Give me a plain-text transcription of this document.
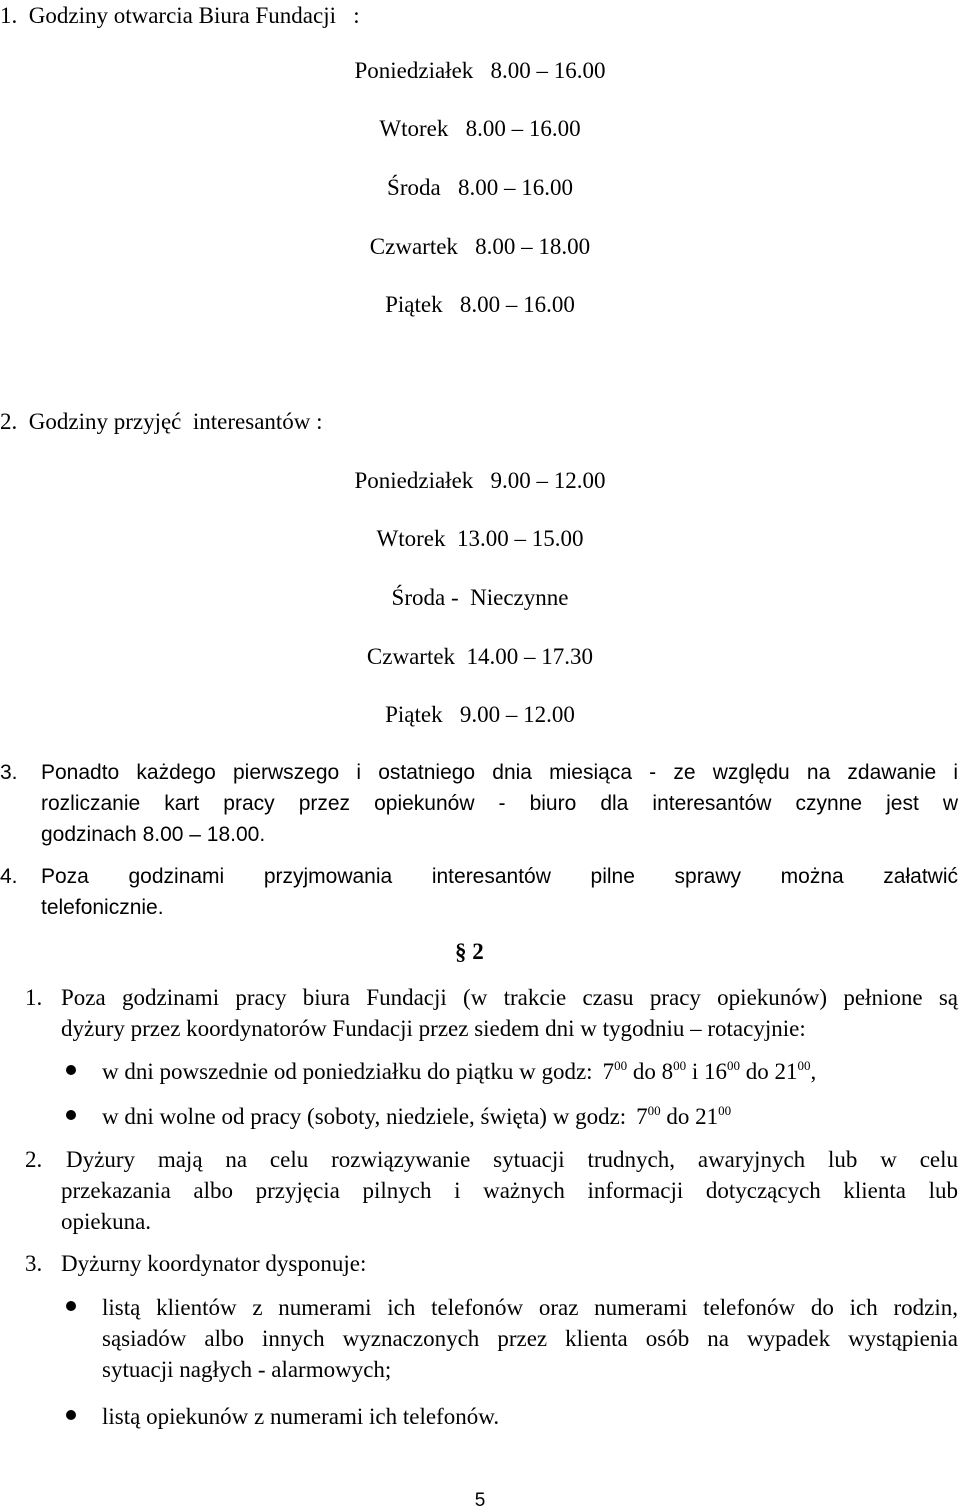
1.  Godziny otwarcia Biura Fundacji   :
Poniedziałek   8.00 – 16.00
Wtorek   8.00 – 16.00
Środa   8.00 – 16.00
Czwartek   8.00 – 18.00
Piątek   8.00 – 16.00
2.  Godziny przyjęć  interesantów :
Poniedziałek   9.00 – 12.00
Wtorek  13.00 – 15.00
Środa -  Nieczynne
Czwartek  14.00 – 17.30
Piątek   9.00 – 12.00
3. Ponadto każdego pierwszego i ostatniego dnia miesiąca - ze względu na zdawanie i
rozliczanie kart pracy przez opiekunów - biuro dla interesantów czynne jest w
godzinach 8.00 – 18.00.
4. Poza godzinami przyjmowania interesantów pilne sprawy można załatwić
telefonicznie.
§ 2
1. Poza godzinami pracy biura Fundacji (w trakcie czasu pracy opiekunów) pełnione są
dyżury przez koordynatorów Fundacji przez siedem dni w tygodniu – rotacyjnie:
w dni powszednie od poniedziałku do piątku w godz: $7^{00}$ do $8^{00}$ i $16^{00}$ do $21^{00}$,
w dni wolne od pracy (soboty, niedziele, święta) w godz: $7^{00}$ do $21^{00}$
2. Dyżury mają na celu rozwiązywanie sytuacji trudnych, awaryjnych lub w celu
przekazania albo przyjęcia pilnych i ważnych informacji dotyczących klienta lub
opiekuna.
3. Dyżurny koordynator dysponuje:
listą klientów z numerami ich telefonów oraz numerami telefonów do ich rodzin,
sąsiadów albo innych wyznaczonych przez klienta osób na wypadek wystąpienia
sytuacji nagłych - alarmowych;
listą opiekunów z numerami ich telefonów.
5
